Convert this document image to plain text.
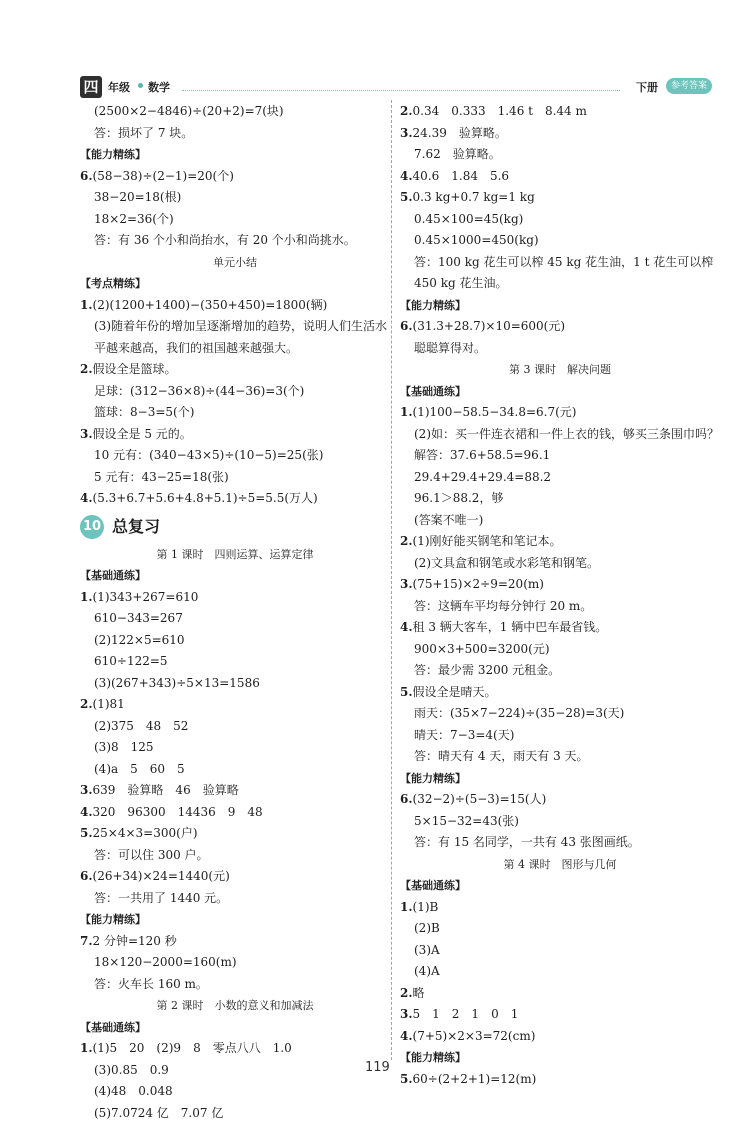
四 年级 数学	下册	参考答案
(2500×2−4846)÷(20+2)=7(块)
答：损坏了 7 块。
【能力精练】
6.(58−38)÷(2−1)=20(个)
38−20=18(根)
18×2=36(个)
答：有 36 个小和尚抬水，有 20 个小和尚挑水。
单元小结
【考点精练】
1.(2)(1200+1400)−(350+450)=1800(辆)
(3)随着年份的增加呈逐渐增加的趋势，说明人们生活水平越来越高，我们的祖国越来越强大。
2.假设全是篮球。
足球：(312−36×8)÷(44−36)=3(个)
篮球：8−3=5(个)
3.假设全是 5 元的。
10 元有：(340−43×5)÷(10−5)=25(张)
5 元有：43−25=18(张)
4.(5.3+6.7+5.6+4.8+5.1)÷5=5.5(万人)
10 总复习
第 1 课时　四则运算、运算定律
【基础通练】
1.(1)343+267=610
610−343=267
(2)122×5=610
610÷122=5
(3)(267+343)÷5×13=1586
2.(1)81
(2)375　48　52
(3)8　125
(4)a　5　60　5
3.639　验算略　46　验算略
4.320　96300　14436　9　48
5.25×4×3=300(户)
答：可以住 300 户。
6.(26+34)×24=1440(元)
答：一共用了 1440 元。
【能力精练】
7.2 分钟=120 秒
18×120−2000=160(m)
答：火车长 160 m。
第 2 课时　小数的意义和加减法
【基础通练】
1.(1)5　20　(2)9　8　零点八八　1.0
(3)0.85　0.9
(4)48　0.048
(5)7.0724 亿　7.07 亿
2.0.34　0.333　1.46 t　8.44 m
3.24.39　验算略。
7.62　验算略。
4.40.6　1.84　5.6
5.0.3 kg+0.7 kg=1 kg
0.45×100=45(kg)
0.45×1000=450(kg)
答：100 kg 花生可以榨 45 kg 花生油，1 t 花生可以榨 450 kg 花生油。
【能力精练】
6.(31.3+28.7)×10=600(元)
聪聪算得对。
第 3 课时　解决问题
【基础通练】
1.(1)100−58.5−34.8=6.7(元)
(2)如：买一件连衣裙和一件上衣的钱，够买三条围巾吗？
解答：37.6+58.5=96.1
29.4+29.4+29.4=88.2
96.1＞88.2，够
(答案不唯一)
2.(1)刚好能买钢笔和笔记本。
(2)文具盒和钢笔或水彩笔和钢笔。
3.(75+15)×2÷9=20(m)
答：这辆车平均每分钟行 20 m。
4.租 3 辆大客车，1 辆中巴车最省钱。
900×3+500=3200(元)
答：最少需 3200 元租金。
5.假设全是晴天。
雨天：(35×7−224)÷(35−28)=3(天)
晴天：7−3=4(天)
答：晴天有 4 天，雨天有 3 天。
【能力精练】
6.(32−2)÷(5−3)=15(人)
5×15−32=43(张)
答：有 15 名同学，一共有 43 张图画纸。
第 4 课时　图形与几何
【基础通练】
1.(1)B
(2)B
(3)A
(4)A
2.略
3.5　1　2　1　0　1
4.(7+5)×2×3=72(cm)
【能力精练】
5.60÷(2+2+1)=12(m)
119
